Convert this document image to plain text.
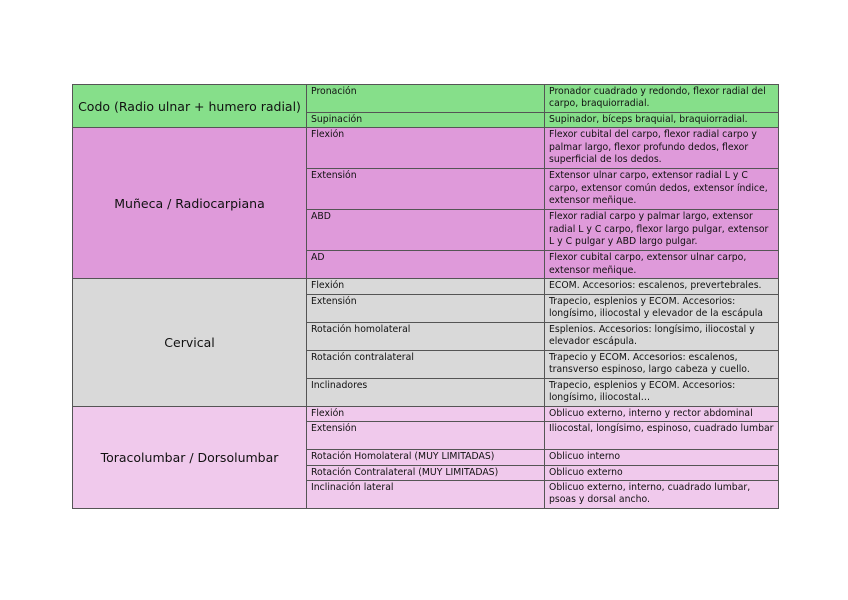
Codo (Radio ulnar + humero radial)	Pronación	Pronador cuadrado y redondo, flexor radial del carpo, braquiorradial.
	Supinación	Supinador, bíceps braquial, braquiorradial.
Muñeca / Radiocarpiana	Flexión	Flexor cubital del carpo, flexor radial carpo y palmar largo, flexor profundo dedos, flexor superficial de los dedos.
	Extensión	Extensor ulnar carpo, extensor radial L y C carpo, extensor común dedos, extensor índice, extensor meñique.
	ABD	Flexor radial carpo y palmar largo, extensor radial L y C carpo, flexor largo pulgar, extensor L y C pulgar y ABD largo pulgar.
	AD	Flexor cubital carpo, extensor ulnar carpo, extensor meñique.
Cervical	Flexión	ECOM. Accesorios: escalenos, prevertebrales.
	Extensión	Trapecio, esplenios y ECOM. Accesorios: longísimo, iliocostal y elevador de la escápula
	Rotación homolateral	Esplenios. Accesorios: longísimo, iliocostal y elevador escápula.
	Rotación contralateral	Trapecio y ECOM. Accesorios: escalenos, transverso espinoso, largo cabeza y cuello.
	Inclinadores	Trapecio, esplenios y ECOM. Accesorios: longísimo, iliocostal…
Toracolumbar / Dorsolumbar	Flexión	Oblicuo externo, interno y rector abdominal
	Extensión	Iliocostal, longísimo, espinoso, cuadrado lumbar
	Rotación Homolateral (MUY LIMITADAS)	Oblicuo interno
	Rotación Contralateral (MUY LIMITADAS)	Oblicuo externo
	Inclinación lateral	Oblicuo externo, interno, cuadrado lumbar, psoas y dorsal ancho.
